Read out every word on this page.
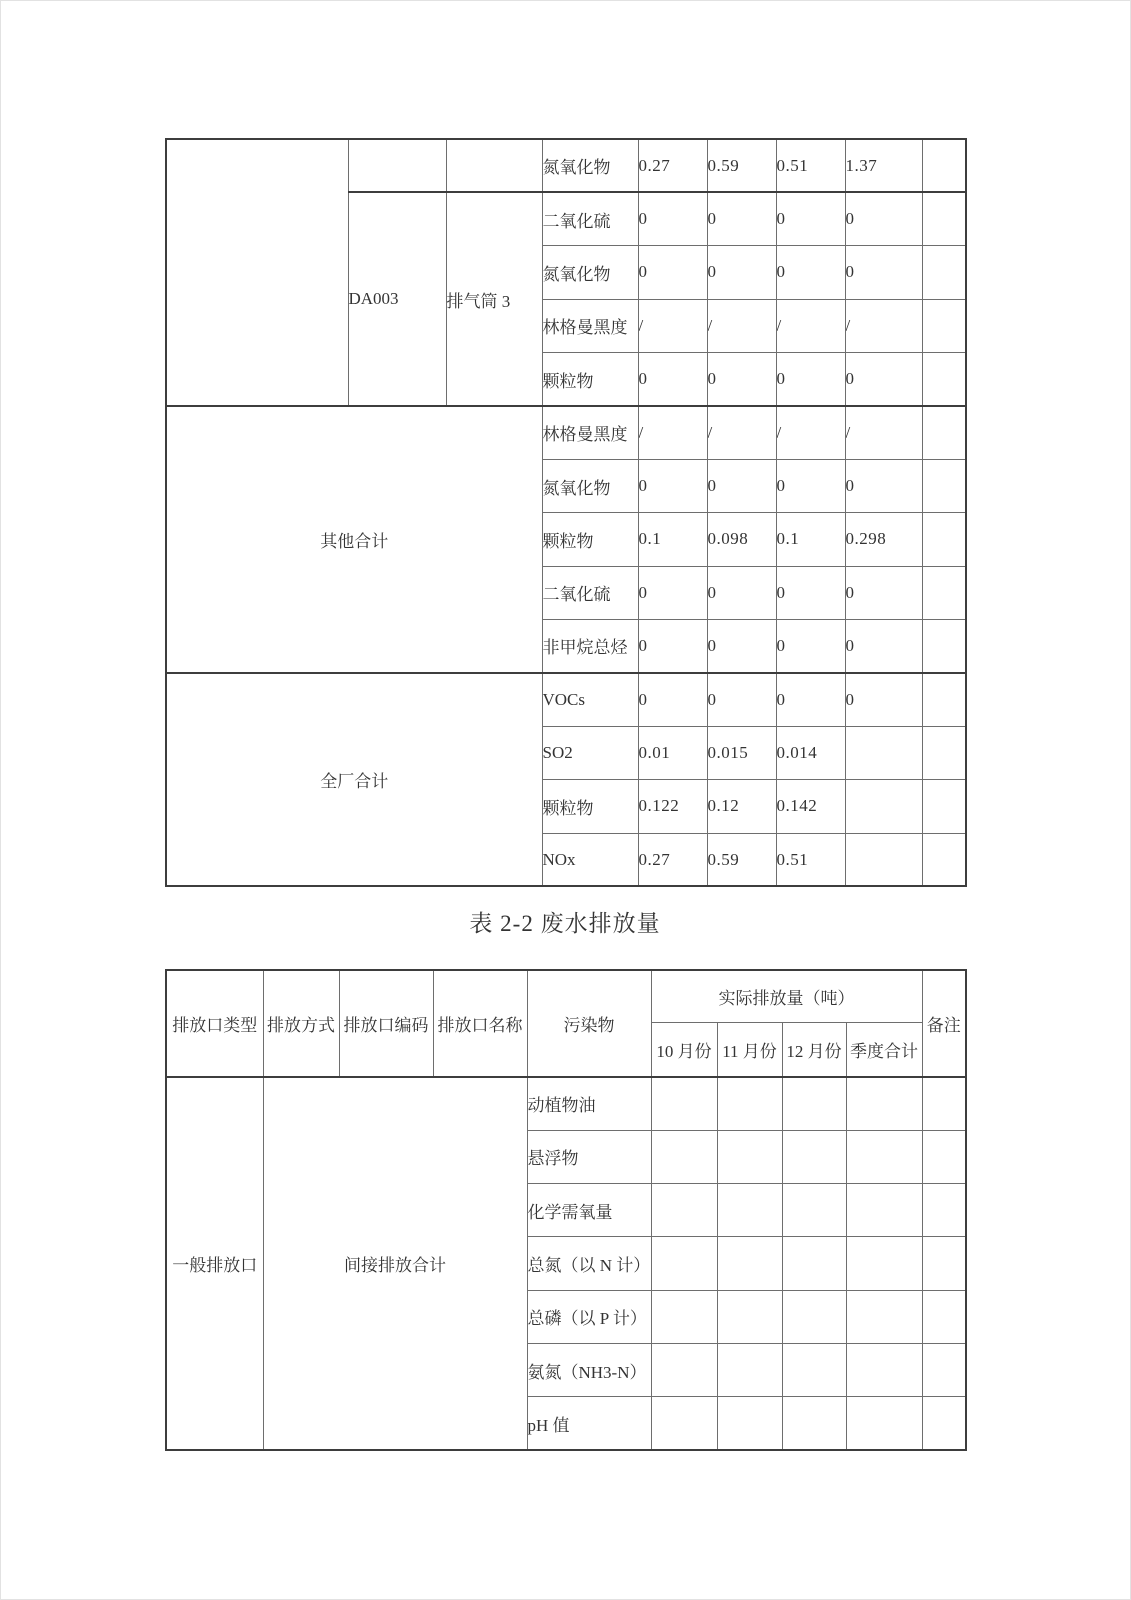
			氮氧化物	0.27	0.59	0.51	1.37	
	DA003	排气筒 3	二氧化硫	0	0	0	0	
			氮氧化物	0	0	0	0	
			林格曼黑度	/	/	/	/	
			颗粒物	0	0	0	0	
其他合计			林格曼黑度	/	/	/	/	
			氮氧化物	0	0	0	0	
			颗粒物	0.1	0.098	0.1	0.298	
			二氧化硫	0	0	0	0	
			非甲烷总烃	0	0	0	0	
全厂合计			VOCs	0	0	0	0	
			SO2	0.01	0.015	0.014		
			颗粒物	0.122	0.12	0.142		
			NOx	0.27	0.59	0.51		
表 2-2 废水排放量
排放口类型	排放方式	排放口编码	排放口名称	污染物	实际排放量（吨）				备注
					10 月份	11 月份	12 月份	季度合计	
一般排放口	间接排放合计			动植物油					
				悬浮物					
				化学需氧量					
				总氮（以 N 计）					
				总磷（以 P 计）					
				氨氮（NH3-N）					
				pH 值					
